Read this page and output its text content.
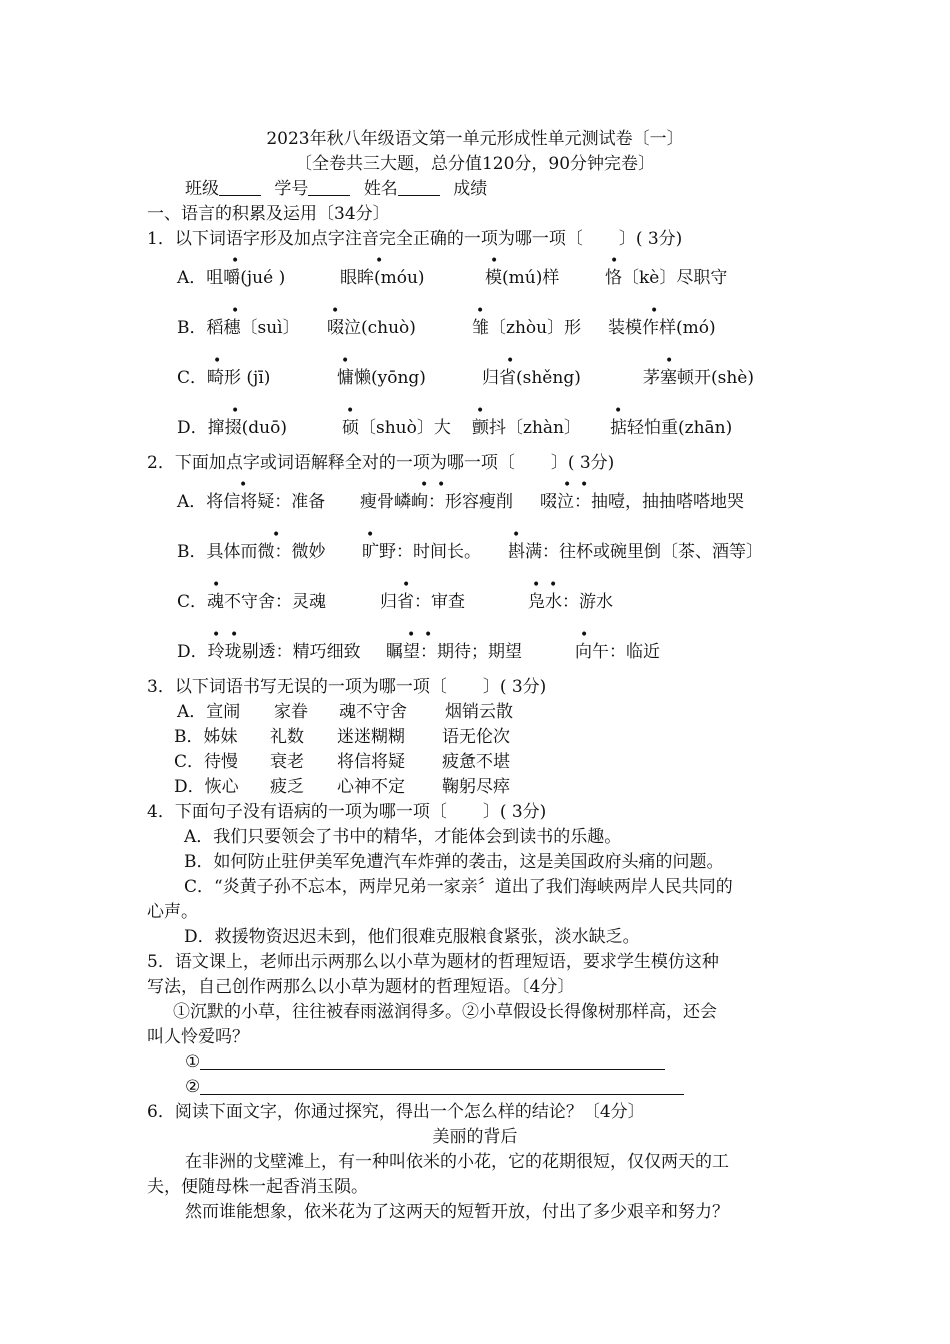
2023年秋八年级语文第一单元形成性单元测试卷〔一〕
〔全卷共三大题，总分值120分，90分钟完卷〕
班级	学号	姓名	成绩
一、语言的积累及运用〔34分〕
1．以下词语字形及加点字注音完全正确的一项为哪一项〔 〕( 3分)
A．咀嚼(jué )	眼眸(móu)	模(mú)样	恪〔kè〕尽职守
B．稻穗〔suì〕 啜泣(chuò)	雏〔zhòu〕形 装模作样(mó)
C．畸形 (jī)	慵懒(yōng)	归省(shěng)	茅塞顿开(shè)
D．撺掇(duō)	硕〔shuò〕大 颤抖〔zhàn〕 掂轻怕重(zhān)
2．下面加点字或词语解释全对的一项为哪一项〔 〕( 3分)
A．将信将疑：准备 瘦骨嶙峋：形容瘦削 啜泣：抽噎，抽抽嗒嗒地哭
B．具体而微：微妙 旷野：时间长。 斟满：往杯或碗里倒〔茶、酒等〕
C．魂不守舍：灵魂	归省：审查	凫水：游水
D．玲珑剔透：精巧细致 瞩望：期待；期望	向午：临近
3．以下词语书写无误的一项为哪一项〔 〕( 3分)
A．宣闹 家眷 魂不守舍 烟销云散
B．姊妹 礼数 迷迷糊糊 语无伦次
C．待慢 衰老 将信将疑 疲惫不堪
D．恢心 疲乏 心神不定 鞠躬尽瘁
4．下面句子没有语病的一项为哪一项〔 〕( 3分)
A．我们只要领会了书中的精华，才能体会到读书的乐趣。
B．如何防止驻伊美军免遭汽车炸弹的袭击，这是美国政府头痛的问题。
C．“炎黄子孙不忘本，两岸兄弟一家亲〞道出了我们海峡两岸人民共同的
心声。
D．救援物资迟迟未到，他们很难克服粮食紧张，淡水缺乏。
5．语文课上，老师出示两那么以小草为题材的哲理短语，要求学生模仿这种
写法，自己创作两那么以小草为题材的哲理短语。〔4分〕
①沉默的小草，往往被春雨滋润得多。②小草假设长得像树那样高，还会
叫人怜爱吗？
①
②
6．阅读下面文字，你通过探究，得出一个怎么样的结论？〔4分〕
美丽的背后
在非洲的戈壁滩上，有一种叫依米的小花，它的花期很短，仅仅两天的工
夫，便随母株一起香消玉陨。
然而谁能想象，依米花为了这两天的短暂开放，付出了多少艰辛和努力？
•	•	•	•
•	•	•	•
•	•	•	•
•	•	•	•
•	• •	• •
•	•	•
•	•	• •
• •	• •	•
